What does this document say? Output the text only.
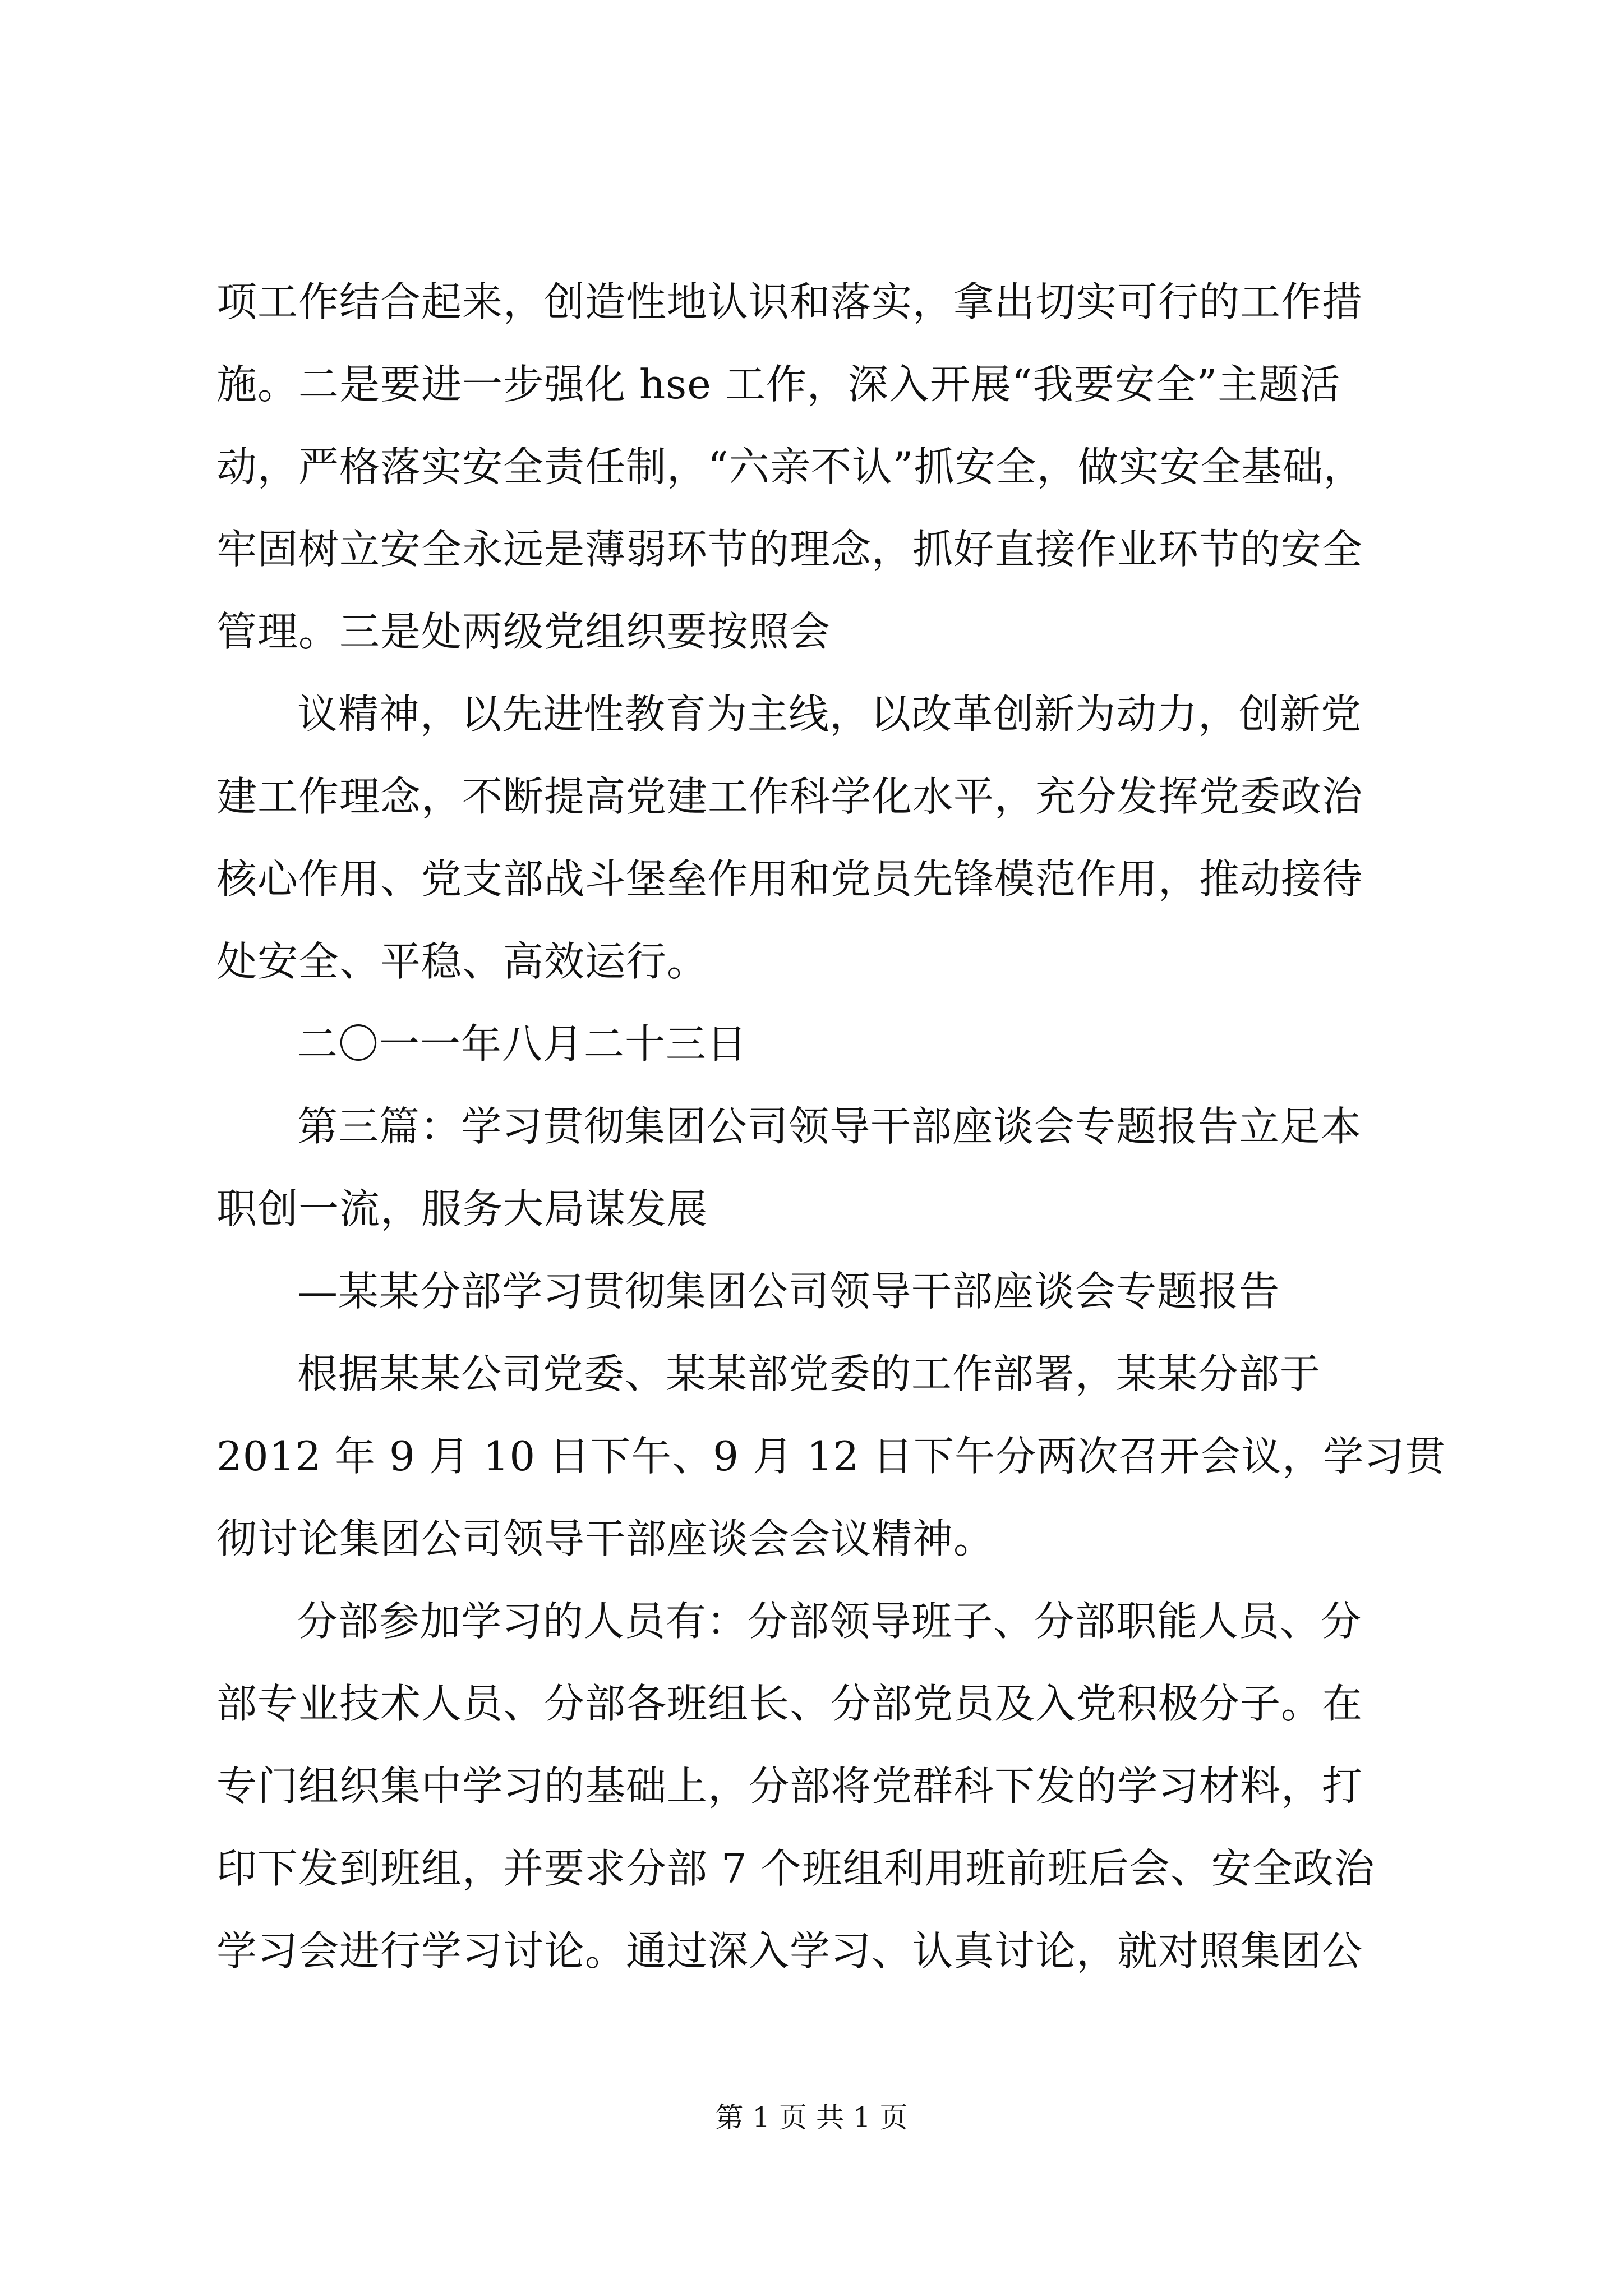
项工作结合起来，创造性地认识和落实，拿出切实可行的工作措
施。二是要进一步强化 hse 工作，深入开展“我要安全”主题活
动，严格落实安全责任制，“六亲不认”抓安全，做实安全基础，
牢固树立安全永远是薄弱环节的理念，抓好直接作业环节的安全
管理。三是处两级党组织要按照会
议精神，以先进性教育为主线，以改革创新为动力，创新党
建工作理念，不断提高党建工作科学化水平，充分发挥党委政治
核心作用、党支部战斗堡垒作用和党员先锋模范作用，推动接待
处安全、平稳、高效运行。
二〇一一年八月二十三日
第三篇：学习贯彻集团公司领导干部座谈会专题报告立足本
职创一流，服务大局谋发展
—某某分部学习贯彻集团公司领导干部座谈会专题报告
根据某某公司党委、某某部党委的工作部署，某某分部于
2012 年 9 月 10 日下午、9 月 12 日下午分两次召开会议，学习贯
彻讨论集团公司领导干部座谈会会议精神。
分部参加学习的人员有：分部领导班子、分部职能人员、分
部专业技术人员、分部各班组长、分部党员及入党积极分子。在
专门组织集中学习的基础上，分部将党群科下发的学习材料，打
印下发到班组，并要求分部 7 个班组利用班前班后会、安全政治
学习会进行学习讨论。通过深入学习、认真讨论，就对照集团公
第 1 页 共 1 页
